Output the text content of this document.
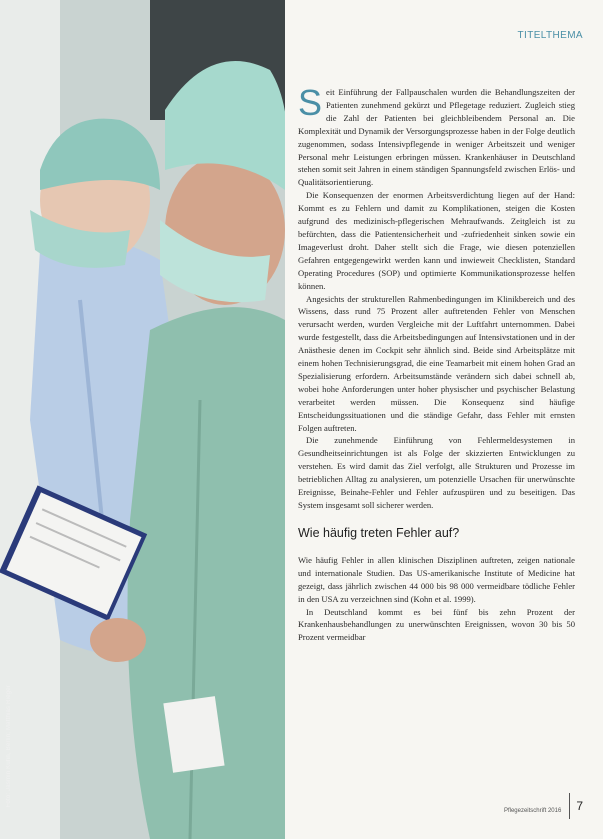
Foto: Jasmin Kuhn, Berlin; Matthias Rieger
TITELTHEMA

Seit Einführung der Fallpauschalen wurden die Behandlungszeiten der Patienten zunehmend gekürzt und Pflegetage reduziert. Zugleich stieg die Zahl der Patienten bei gleichbleibendem Personal an. Die Komplexität und Dynamik der Versorgungsprozesse haben in der Folge deutlich zugenommen, sodass Intensivpflegende in weniger Arbeitszeit und weniger Personal mehr Leistungen erbringen müssen. Krankenhäuser in Deutschland stehen somit seit Jahren in einem ständigen Spannungsfeld zwischen Erlös- und Qualitätsorientierung.

Die Konsequenzen der enormen Arbeitsverdichtung liegen auf der Hand: Kommt es zu Fehlern und damit zu Komplikationen, steigen die Kosten aufgrund des medizinisch-pflegerischen Mehraufwands. Zeitgleich ist zu befürchten, dass die Patientensicherheit und -zufriedenheit sinken sowie ein Imageverlust droht. Daher stellt sich die Frage, wie diesen potenziellen Gefahren entgegengewirkt werden kann und inwieweit Checklisten, Standard Operating Procedures (SOP) und optimierte Kommunikationsprozesse helfen können.

Angesichts der strukturellen Rahmenbedingungen im Klinikbereich und des Wissens, dass rund 75 Prozent aller auftretenden Fehler von Menschen verursacht werden, wurden Vergleiche mit der Luftfahrt unternommen. Dabei wurde festgestellt, dass die Arbeitsbedingungen auf Intensivstationen und in der Anästhesie denen im Cockpit sehr ähnlich sind. Beide sind Arbeitsplätze mit einem hohen Technisierungsgrad, die eine Teamarbeit mit einem hohen Grad an Spezialisierung erfordern. Arbeitsumstände verändern sich dabei schnell ab, wobei hohe Anforderungen unter hoher physischer und psychischer Belastung verarbeitet werden müssen. Die Konsequenz sind häufige Entscheidungssituationen und die ständige Gefahr, dass Fehler mit ernsten Folgen auftreten.

Die zunehmende Einführung von Fehlermeldesystemen in Gesundheitseinrichtungen ist als Folge der skizzierten Entwicklungen zu verstehen. Es wird damit das Ziel verfolgt, alle Strukturen und Prozesse im betrieblichen Alltag zu analysieren, um potenzielle Ursachen für unerwünschte Ereignisse, Beinahe-Fehler und Fehler aufzuspüren und zu beseitigen. Das System insgesamt soll sicherer werden.

Wie häufig treten Fehler auf?

Wie häufig Fehler in allen klinischen Disziplinen auftreten, zeigen nationale und internationale Studien. Das US-amerikanische Institute of Medicine hat gezeigt, dass jährlich zwischen 44 000 bis 98 000 vermeidbare tödliche Fehler in den USA zu verzeichnen sind (Kohn et al. 1999).

In Deutschland kommt es bei fünf bis zehn Prozent der Krankenhausbehandlungen zu unerwünschten Ereignissen, wovon 30 bis 50 Prozent vermeidbar

Pflegezeitschrift 2016 7
